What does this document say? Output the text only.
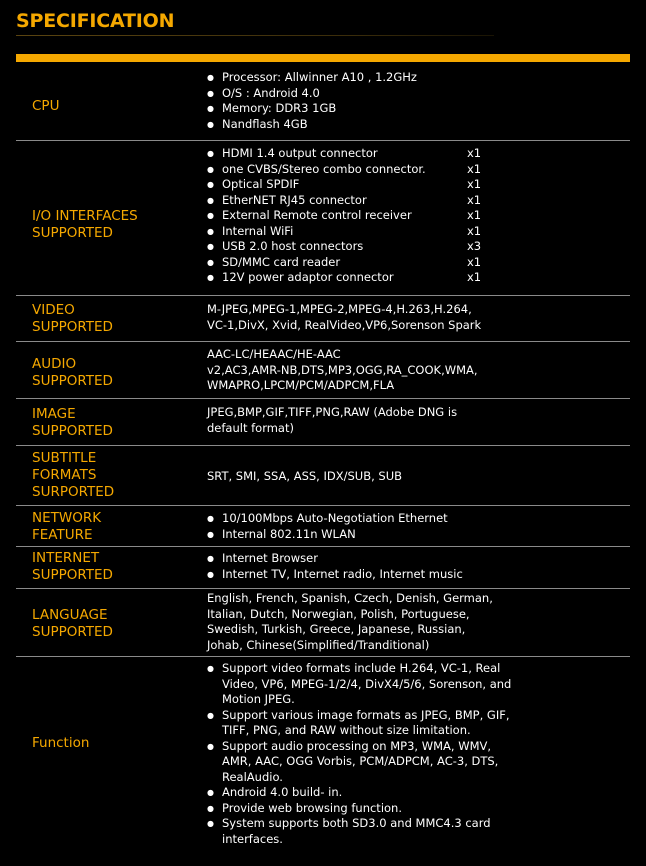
SPECIFICATION
CPU
● Processor: Allwinner A10 , 1.2GHz
● O/S : Android 4.0
● Memory: DDR3 1GB
● Nandflash 4GB
I/O INTERFACES SUPPORTED
● HDMI 1.4 output connector	x1
● one CVBS/Stereo combo connector.	x1
● Optical SPDIF	x1
● EtherNET RJ45 connector	x1
● External Remote control receiver	x1
● Internal WiFi	x1
● USB 2.0 host connectors	x3
● SD/MMC card reader	x1
● 12V power adaptor connector	x1
VIDEO SUPPORTED
M-JPEG,MPEG-1,MPEG-2,MPEG-4,H.263,H.264,
VC-1,DivX, Xvid, RealVideo,VP6,Sorenson Spark
AUDIO SUPPORTED
AAC-LC/HEAAC/HE-AAC
v2,AC3,AMR-NB,DTS,MP3,OGG,RA_COOK,WMA,
WMAPRO,LPCM/PCM/ADPCM,FLA
IMAGE SUPPORTED
JPEG,BMP,GIF,TIFF,PNG,RAW (Adobe DNG is
default format)
SUBTITLE FORMATS SURPORTED
SRT, SMI, SSA, ASS, IDX/SUB, SUB
NETWORK FEATURE
● 10/100Mbps Auto-Negotiation Ethernet
● Internal 802.11n WLAN
INTERNET SUPPORTED
● Internet Browser
● Internet TV, Internet radio, Internet music
LANGUAGE SUPPORTED
English, French, Spanish, Czech, Denish, German,
Italian, Dutch, Norwegian, Polish, Portuguese,
Swedish, Turkish, Greece, Japanese, Russian,
Johab, Chinese(Simplified/Tranditional)
Function
● Support video formats include H.264, VC-1, Real Video, VP6, MPEG-1/2/4, DivX4/5/6, Sorenson, and Motion JPEG.
● Support various image formats as JPEG, BMP, GIF, TIFF, PNG, and RAW without size limitation.
● Support audio processing on MP3, WMA, WMV, AMR, AAC, OGG Vorbis, PCM/ADPCM, AC-3, DTS, RealAudio.
● Android 4.0 build- in.
● Provide web browsing function.
● System supports both SD3.0 and MMC4.3 card interfaces.
